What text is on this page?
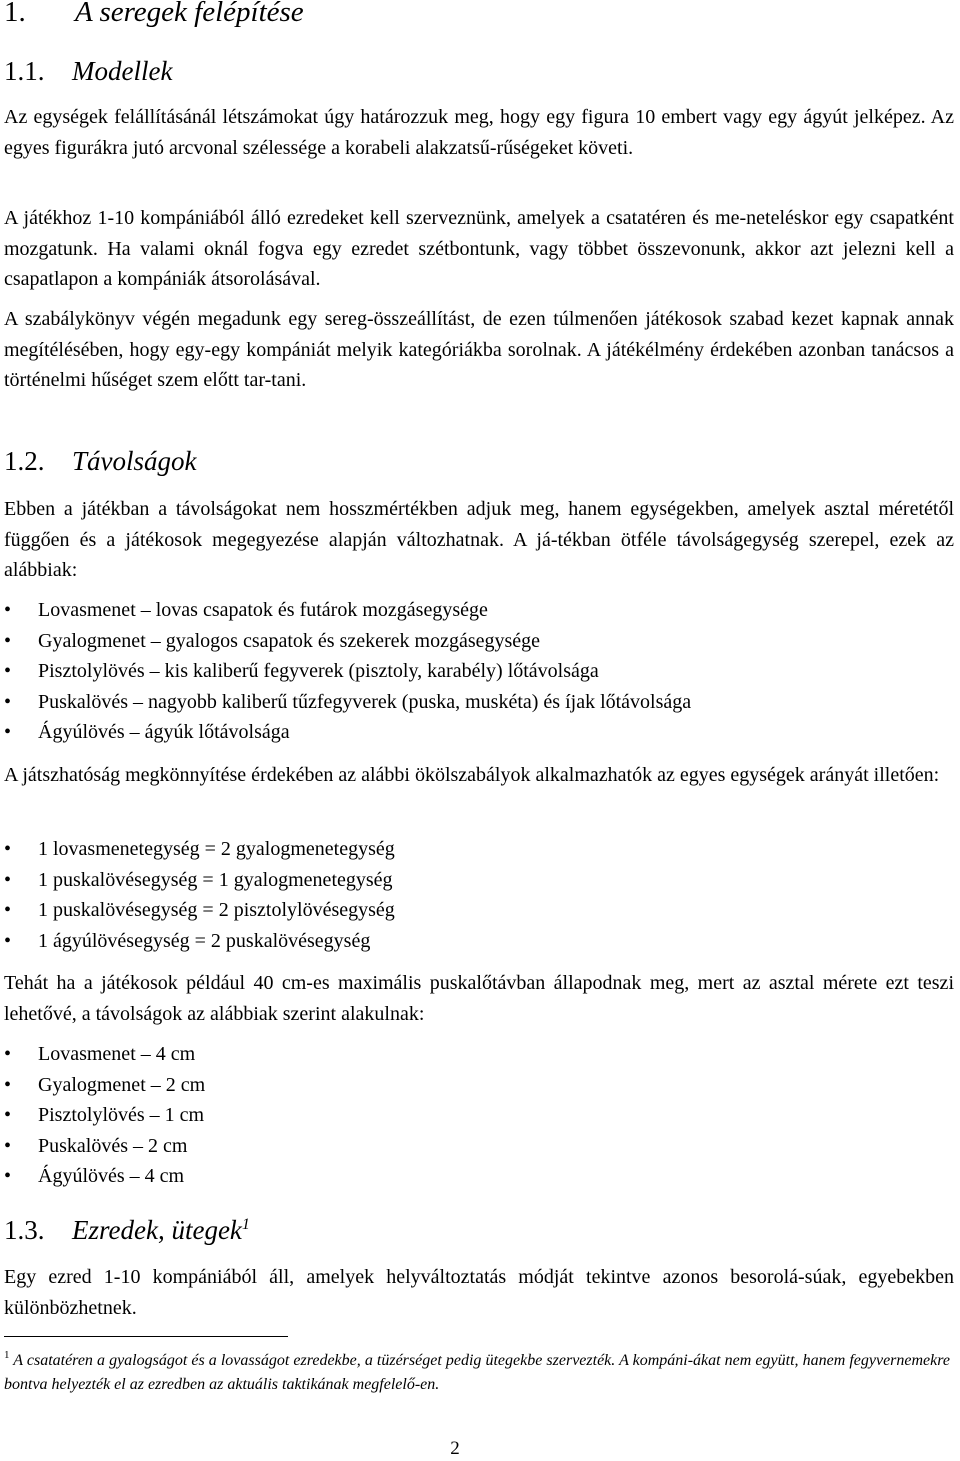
1. A seregek felépítése
1.1. Modellek

Az egységek felállításánál létszámokat úgy határozzuk meg, hogy egy figura 10 embert vagy egy ágyút jelképez. Az egyes figurákra jutó arcvonal szélessége a korabeli alakzatsű-rűségeket követi.

A játékhoz 1-10 kompániából álló ezredeket kell szerveznünk, amelyek a csatatéren és me-neteléskor egy csapatként mozgatunk. Ha valami oknál fogva egy ezredet szétbontunk, vagy többet összevonunk, akkor azt jelezni kell a csapatlapon a kompániák átsorolásával.

A szabálykönyv végén megadunk egy sereg-összeállítást, de ezen túlmenően játékosok szabad kezet kapnak annak megítélésében, hogy egy-egy kompániát melyik kategóriákba sorolnak. A játékélmény érdekében azonban tanácsos a történelmi hűséget szem előtt tar-tani.

1.2. Távolságok

Ebben a játékban a távolságokat nem hosszmértékben adjuk meg, hanem egységekben, amelyek asztal méretétől függően és a játékosok megegyezése alapján változhatnak. A já-tékban ötféle távolságegység szerepel, ezek az alábbiak:

• Lovasmenet – lovas csapatok és futárok mozgásegysége
• Gyalogmenet – gyalogos csapatok és szekerek mozgásegysége
• Pisztolylövés – kis kaliberű fegyverek (pisztoly, karabély) lőtávolsága
• Puskalövés – nagyobb kaliberű tűzfegyverek (puska, muskéta) és íjak lőtávolsága
• Ágyúlövés – ágyúk lőtávolsága

A játszhatóság megkönnyítése érdekében az alábbi ökölszabályok alkalmazhatók az egyes egységek arányát illetően:

• 1 lovasmenetegység = 2 gyalogmenetegység
• 1 puskalövésegység = 1 gyalogmenetegység
• 1 puskalövésegység = 2 pisztolylövésegység
• 1 ágyúlövésegység = 2 puskalövésegység

Tehát ha a játékosok például 40 cm-es maximális puskalőtávban állapodnak meg, mert az asztal mérete ezt teszi lehetővé, a távolságok az alábbiak szerint alakulnak:

• Lovasmenet – 4 cm
• Gyalogmenet – 2 cm
• Pisztolylövés – 1 cm
• Puskalövés – 2 cm
• Ágyúlövés – 4 cm
1.3. Ezredek, ütegek$^1$

Egy ezred 1-10 kompániából áll, amelyek helyváltoztatás módját tekintve azonos besorolá-súak, egyebekben különbözhetnek.

$^1$ A csatatéren a gyalogságot és a lovasságot ezredekbe, a tüzérséget pedig ütegekbe szervezték. A kompáni-ákat nem együtt, hanem fegyvernemekre bontva helyezték el az ezredben az aktuális taktikának megfelelő-en.

2
